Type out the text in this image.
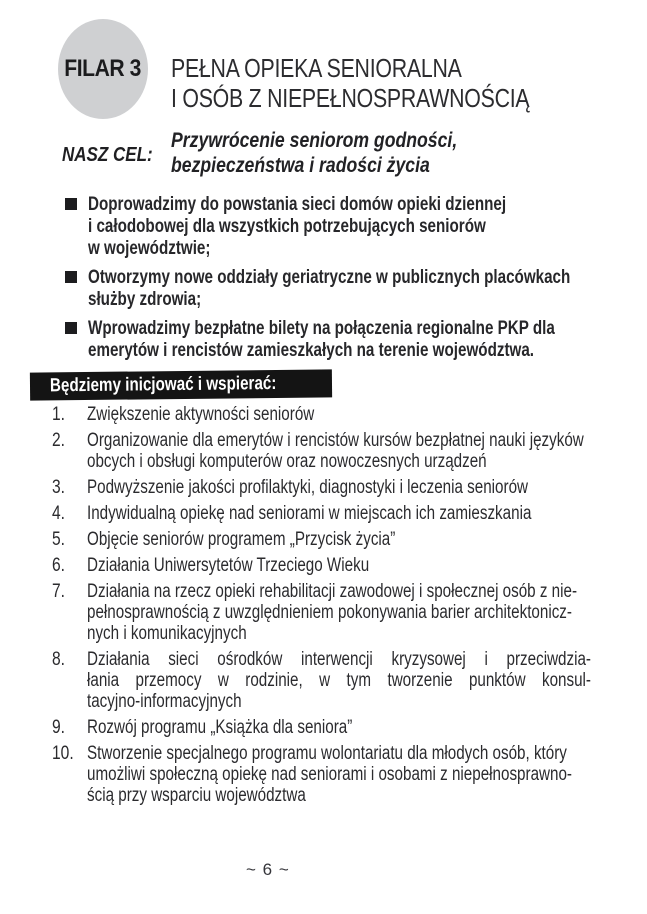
FILAR 3 PEŁNA OPIEKA SENIORALNA
I OSÓB Z NIEPEŁNOSPRAWNOŚCIĄ
NASZ CEL:
Przywrócenie seniorom godności,
bezpieczeństwa i radości życia
Doprowadzimy do powstania sieci domów opieki dziennej
i całodobowej dla wszystkich potrzebujących seniorów
w województwie;
Otworzymy nowe oddziały geriatryczne w publicznych placówkach
służby zdrowia;
Wprowadzimy bezpłatne bilety na połączenia regionalne PKP dla
emerytów i rencistów zamieszkałych na terenie województwa.
Będziemy inicjować i wspierać:
1.	Zwiększenie aktywności seniorów
2.	Organizowanie dla emerytów i rencistów kursów bezpłatnej nauki języków
obcych i obsługi komputerów oraz nowoczesnych urządzeń
3.	Podwyższenie jakości profilaktyki, diagnostyki i leczenia seniorów
4.	Indywidualną opiekę nad seniorami w miejscach ich zamieszkania
5.	Objęcie seniorów programem „Przycisk życia”
6.	Działania Uniwersytetów Trzeciego Wieku
7.	Działania na rzecz opieki rehabilitacji zawodowej i społecznej osób z nie-
pełnosprawnością z uwzględnieniem pokonywania barier architektonicz-
nych i komunikacyjnych
8.	Działania sieci ośrodków interwencji kryzysowej i przeciwdzia-
łania przemocy w rodzinie, w tym tworzenie punktów konsul-
tacyjno-informacyjnych
9.	Rozwój programu „Książka dla seniora”
10. Stworzenie specjalnego programu wolontariatu dla młodych osób, który
umożliwi społeczną opiekę nad seniorami i osobami z niepełnosprawno-
ścią przy wsparciu województwa
~ 6 ~
